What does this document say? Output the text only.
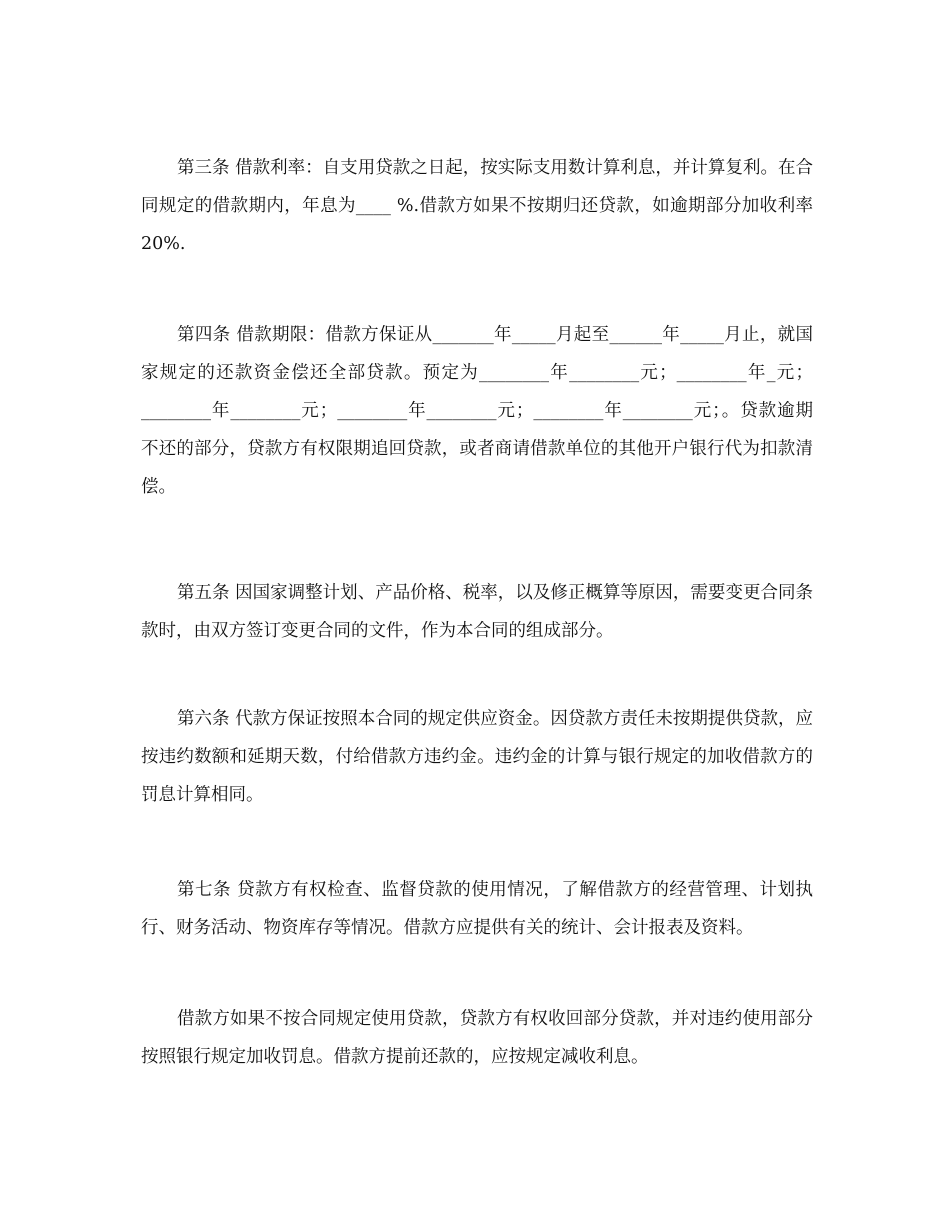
第三条 借款利率：自支用贷款之日起，按实际支用数计算利息，并计算复利。在合同规定的借款期内，年息为____ %.借款方如果不按期归还贷款，如逾期部分加收利率20%.

第四条 借款期限：借款方保证从_______年_____月起至______年_____月止，就国家规定的还款资金偿还全部贷款。预定为________年________元；________年_元；________年________元；________年________元；________年________元；。贷款逾期不还的部分，贷款方有权限期追回贷款，或者商请借款单位的其他开户银行代为扣款清偿。

第五条 因国家调整计划、产品价格、税率，以及修正概算等原因，需要变更合同条款时，由双方签订变更合同的文件，作为本合同的组成部分。

第六条 代款方保证按照本合同的规定供应资金。因贷款方责任未按期提供贷款，应按违约数额和延期天数，付给借款方违约金。违约金的计算与银行规定的加收借款方的罚息计算相同。

第七条 贷款方有权检查、监督贷款的使用情况，了解借款方的经营管理、计划执行、财务活动、物资库存等情况。借款方应提供有关的统计、会计报表及资料。

借款方如果不按合同规定使用贷款，贷款方有权收回部分贷款，并对违约使用部分按照银行规定加收罚息。借款方提前还款的，应按规定减收利息。
